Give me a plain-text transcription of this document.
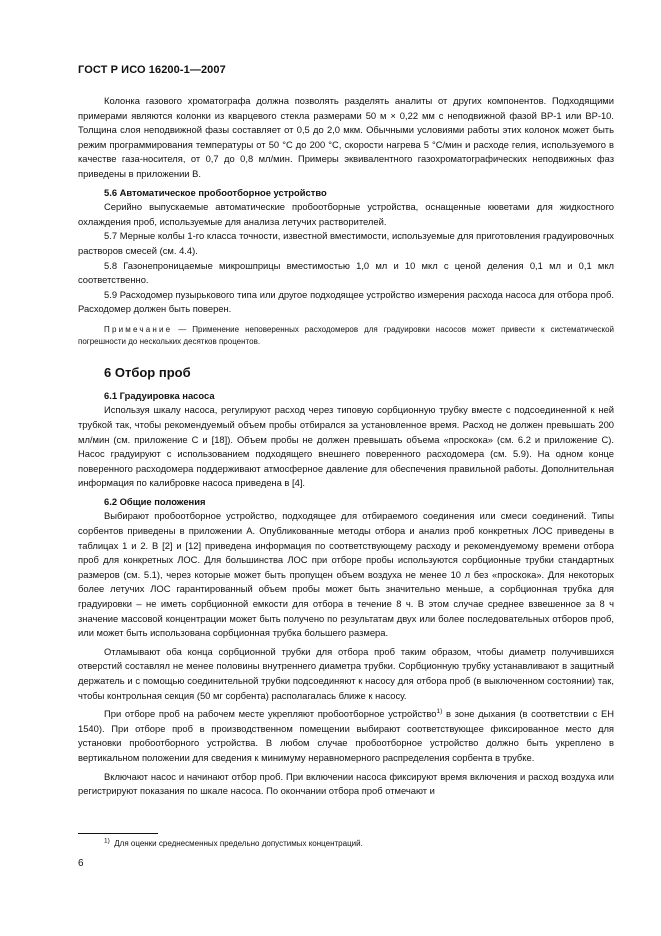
ГОСТ Р ИСО 16200-1—2007

Колонка газового хроматографа должна позволять разделять аналиты от других компонентов. Подходящими примерами являются колонки из кварцевого стекла размерами 50 м × 0,22 мм с неподвижной фазой ВР-1 или ВР-10. Толщина слоя неподвижной фазы составляет от 0,5 до 2,0 мкм. Обычными условиями работы этих колонок может быть режим программирования температуры от 50 °С до 200 °С, скорости нагрева 5 °С/мин и расходе гелия, используемого в качестве газа-носителя, от 0,7 до 0,8 мл/мин. Примеры эквивалентного газохроматографических неподвижных фаз приведены в приложении В.

5.6 Автоматическое пробоотборное устройство

Серийно выпускаемые автоматические пробоотборные устройства, оснащенные кюветами для жидкостного охлаждения проб, используемые для анализа летучих растворителей.

5.7 Мерные колбы 1-го класса точности, известной вместимости, используемые для приготовления градуировочных растворов смесей (см. 4.4).

5.8 Газонепроницаемые микрошприцы вместимостью 1,0 мл и 10 мкл с ценой деления 0,1 мл и 0,1 мкл соответственно.

5.9 Расходомер пузырькового типа или другое подходящее устройство измерения расхода насоса для отбора проб. Расходомер должен быть поверен.

Примечание — Применение неповеренных расходомеров для градуировки насосов может привести к систематической погрешности до нескольких десятков процентов.

6 Отбор проб
6.1 Градуировка насоса

Используя шкалу насоса, регулируют расход через типовую сорбционную трубку вместе с подсоединенной к ней трубкой так, чтобы рекомендуемый объем пробы отбирался за установленное время. Расход не должен превышать 200 мл/мин (см. приложение С и [18]). Объем пробы не должен превышать объема «проскока» (см. 6.2 и приложение С). Насос градуируют с использованием подходящего внешнего поверенного расходомера (см. 5.9). На одном конце поверенного расходомера поддерживают атмосферное давление для обеспечения правильной работы. Дополнительная информация по калибровке насоса приведена в [4].

6.2 Общие положения

Выбирают пробоотборное устройство, подходящее для отбираемого соединения или смеси соединений. Типы сорбентов приведены в приложении А. Опубликованные методы отбора и анализ проб конкретных ЛОС приведены в таблицах 1 и 2. В [2] и [12] приведена информация по соответствующему расходу и рекомендуемому времени отбора проб для конкретных ЛОС. Для большинства ЛОС при отборе пробы используются сорбционные трубки стандартных размеров (см. 5.1), через которые может быть пропущен объем воздуха не менее 10 л без «проскока». Для некоторых более летучих ЛОС гарантированный объем пробы может быть значительно меньше, а сорбционная трубка для градуировки – не иметь сорбционной емкости для отбора в течение 8 ч. В этом случае среднее взвешенное за 8 ч значение массовой концентрации может быть получено по результатам двух или более последовательных отборов проб, или может быть использована сорбционная трубка большего размера.

Отламывают оба конца сорбционной трубки для отбора проб таким образом, чтобы диаметр получившихся отверстий составлял не менее половины внутреннего диаметра трубки. Сорбционную трубку устанавливают в защитный держатель и с помощью соединительной трубки подсоединяют к насосу для отбора проб (в выключенном состоянии) так, чтобы контрольная секция (50 мг сорбента) располагалась ближе к насосу.

При отборе проб на рабочем месте укрепляют пробоотборное устройство$^{1)}$ в зоне дыхания (в соответствии с ЕН 1540). При отборе проб в производственном помещении выбирают соответствующее фиксированное место для установки пробоотборного устройства. В любом случае пробоотборное устройство должно быть укреплено в вертикальном положении для сведения к минимуму неравномерного распределения сорбента в трубке.

Включают насос и начинают отбор проб. При включении насоса фиксируют время включения и расход воздуха или регистрируют показания по шкале насоса. По окончании отбора проб отмечают и

$^{1)}$ Для оценки среднесменных предельно допустимых концентраций.
6
